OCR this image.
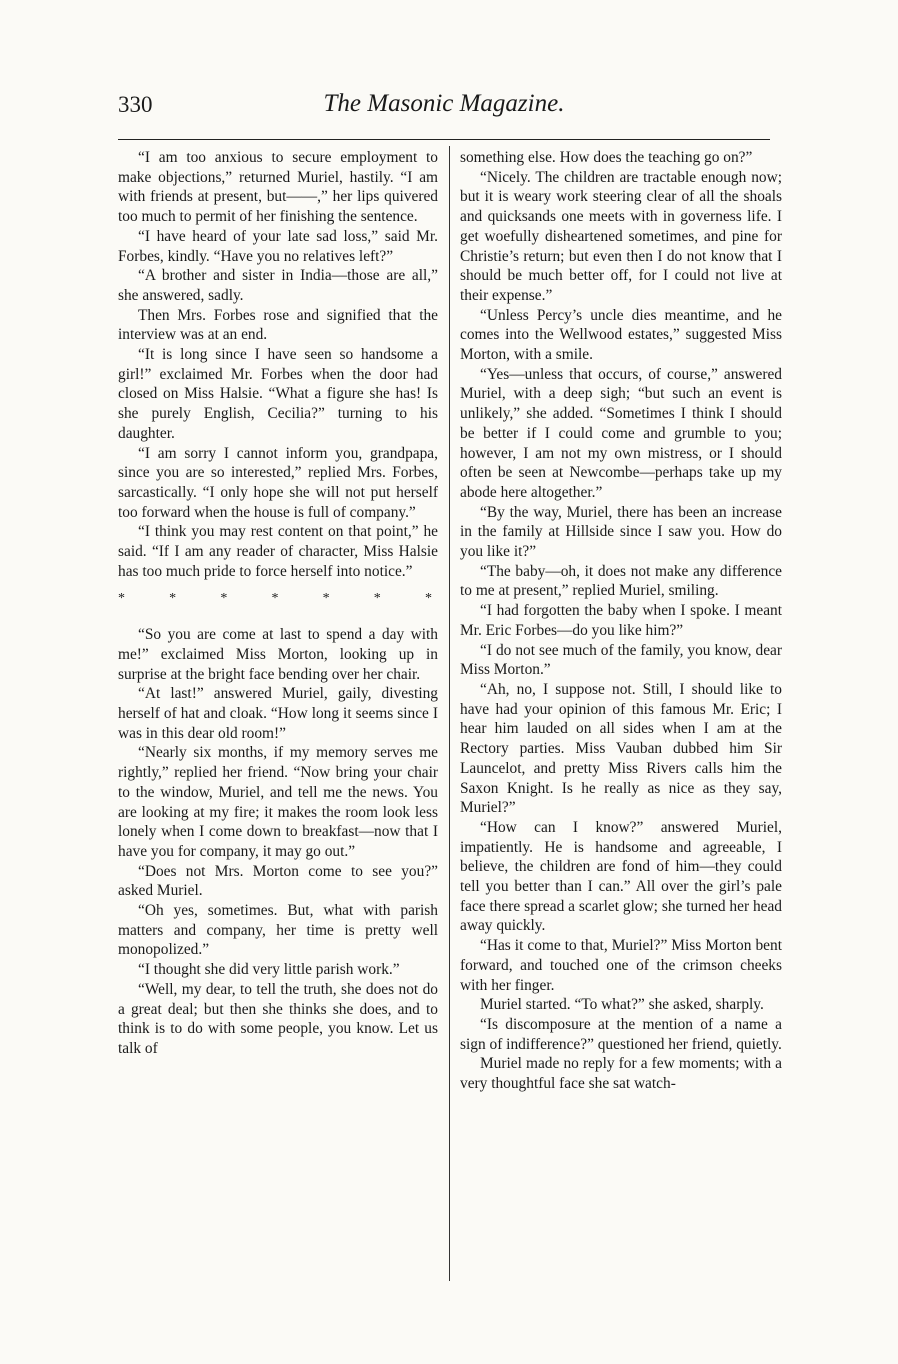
330	The Masonic Magazine.

“I am too anxious to secure employment to make objections,” returned Muriel, hastily. “I am with friends at present, but——,” her lips quivered too much to permit of her finishing the sentence.

“I have heard of your late sad loss,” said Mr. Forbes, kindly. “Have you no relatives left?”

“A brother and sister in India—those are all,” she answered, sadly.

Then Mrs. Forbes rose and signified that the interview was at an end.

“It is long since I have seen so handsome a girl!” exclaimed Mr. Forbes when the door had closed on Miss Halsie. “What a figure she has! Is she purely English, Cecilia?” turning to his daughter.

“I am sorry I cannot inform you, grandpapa, since you are so interested,” replied Mrs. Forbes, sarcastically. “I only hope she will not put herself too forward when the house is full of company.”

“I think you may rest content on that point,” he said. “If I am any reader of character, Miss Halsie has too much pride to force herself into notice.”

*	*	*	*	*	*	*

“So you are come at last to spend a day with me!” exclaimed Miss Morton, looking up in surprise at the bright face bending over her chair.

“At last!” answered Muriel, gaily, divesting herself of hat and cloak. “How long it seems since I was in this dear old room!”

“Nearly six months, if my memory serves me rightly,” replied her friend. “Now bring your chair to the window, Muriel, and tell me the news. You are looking at my fire; it makes the room look less lonely when I come down to breakfast—now that I have you for company, it may go out.”

“Does not Mrs. Morton come to see you?” asked Muriel.

“Oh yes, sometimes. But, what with parish matters and company, her time is pretty well monopolized.”

“I thought she did very little parish work.”

“Well, my dear, to tell the truth, she does not do a great deal; but then she thinks she does, and to think is to do with some people, you know. Let us talk of

something else. How does the teaching go on?”

“Nicely. The children are tractable enough now; but it is weary work steering clear of all the shoals and quicksands one meets with in governess life. I get woefully disheartened sometimes, and pine for Christie’s return; but even then I do not know that I should be much better off, for I could not live at their expense.”

“Unless Percy’s uncle dies meantime, and he comes into the Wellwood estates,” suggested Miss Morton, with a smile.

“Yes—unless that occurs, of course,” answered Muriel, with a deep sigh; “but such an event is unlikely,” she added. “Sometimes I think I should be better if I could come and grumble to you; however, I am not my own mistress, or I should often be seen at Newcombe—perhaps take up my abode here altogether.”

“By the way, Muriel, there has been an increase in the family at Hillside since I saw you. How do you like it?”

“The baby—oh, it does not make any difference to me at present,” replied Muriel, smiling.

“I had forgotten the baby when I spoke. I meant Mr. Eric Forbes—do you like him?”

“I do not see much of the family, you know, dear Miss Morton.”

“Ah, no, I suppose not. Still, I should like to have had your opinion of this famous Mr. Eric; I hear him lauded on all sides when I am at the Rectory parties. Miss Vauban dubbed him Sir Launcelot, and pretty Miss Rivers calls him the Saxon Knight. Is he really as nice as they say, Muriel?”

“How can I know?” answered Muriel, impatiently. He is handsome and agreeable, I believe, the children are fond of him—they could tell you better than I can.” All over the girl’s pale face there spread a scarlet glow; she turned her head away quickly.

“Has it come to that, Muriel?” Miss Morton bent forward, and touched one of the crimson cheeks with her finger.

Muriel started. “To what?” she asked, sharply.

“Is discomposure at the mention of a name a sign of indifference?” questioned her friend, quietly.

Muriel made no reply for a few moments; with a very thoughtful face she sat watch-
